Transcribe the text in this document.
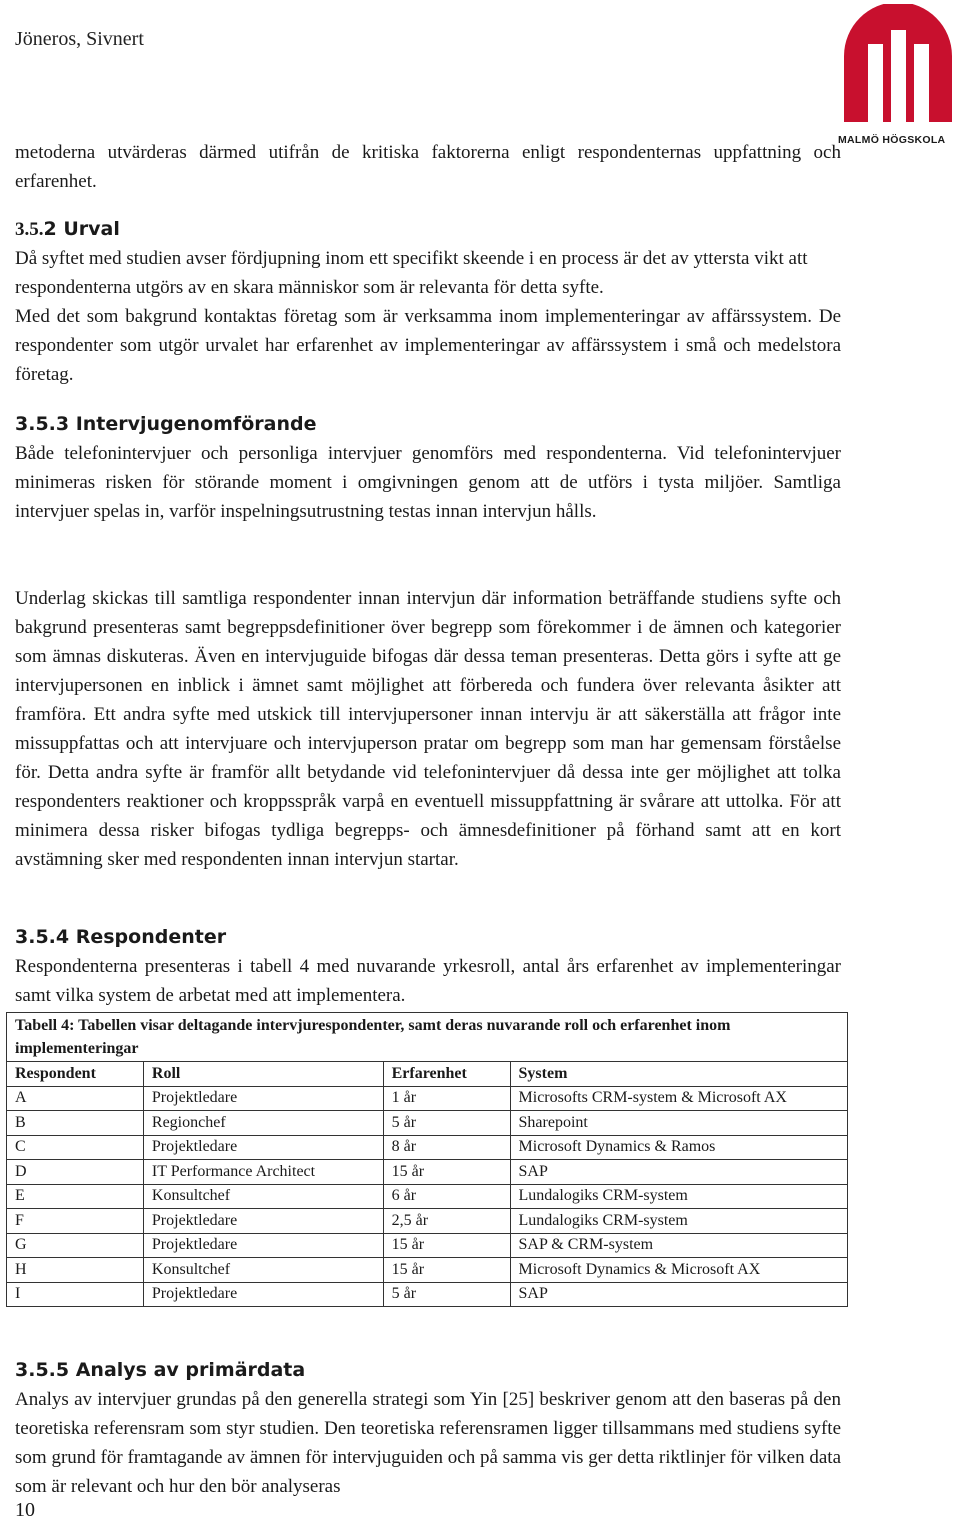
Jöneros, Sivnert
MALMÖ HÖGSKOLA

metoderna utvärderas därmed utifrån de kritiska faktorerna enligt respondenternas uppfattning och erfarenhet.

3.5.2 Urval
Då syftet med studien avser fördjupning inom ett specifikt skeende i en process är det av yttersta vikt att respondenterna utgörs av en skara människor som är relevanta för detta syfte.

Med det som bakgrund kontaktas företag som är verksamma inom implementeringar av affärssystem. De respondenter som utgör urvalet har erfarenhet av implementeringar av affärssystem i små och medelstora företag.

3.5.3 Intervjugenomförande

Både telefonintervjuer och personliga intervjuer genomförs med respondenterna. Vid telefonintervjuer minimeras risken för störande moment i omgivningen genom att de utförs i tysta miljöer. Samtliga intervjuer spelas in, varför inspelningsutrustning testas innan intervjun hålls.

Underlag skickas till samtliga respondenter innan intervjun där information beträffande studiens syfte och bakgrund presenteras samt begreppsdefinitioner över begrepp som förekommer i de ämnen och kategorier som ämnas diskuteras. Även en intervjuguide bifogas där dessa teman presenteras. Detta görs i syfte att ge intervjupersonen en inblick i ämnet samt möjlighet att förbereda och fundera över relevanta åsikter att framföra. Ett andra syfte med utskick till intervjupersoner innan intervju är att säkerställa att frågor inte missuppfattas och att intervjuare och intervjuperson pratar om begrepp som man har gemensam förståelse för. Detta andra syfte är framför allt betydande vid telefonintervjuer då dessa inte ger möjlighet att tolka respondenters reaktioner och kroppsspråk varpå en eventuell missuppfattning är svårare att uttolka. För att minimera dessa risker bifogas tydliga begrepps- och ämnesdefinitioner på förhand samt att en kort avstämning sker med respondenten innan intervjun startar.

3.5.4 Respondenter

Respondenterna presenteras i tabell 4 med nuvarande yrkesroll, antal års erfarenhet av implementeringar samt vilka system de arbetat med att implementera.

Tabell 4: Tabellen visar deltagande intervjurespondenter, samt deras nuvarande roll och erfarenhet inom implementeringar			
Respondent	Roll	Erfarenhet	System
A	Projektledare	1 år	Microsofts CRM-system & Microsoft AX
B	Regionchef	5 år	Sharepoint
C	Projektledare	8 år	Microsoft Dynamics & Ramos
D	IT Performance Architect	15 år	SAP
E	Konsultchef	6 år	Lundalogiks CRM-system
F	Projektledare	2,5 år	Lundalogiks CRM-system
G	Projektledare	15 år	SAP & CRM-system
H	Konsultchef	15 år	Microsoft Dynamics & Microsoft AX
I	Projektledare	5 år	SAP
3.5.5 Analys av primärdata

Analys av intervjuer grundas på den generella strategi som Yin [25] beskriver genom att den baseras på den teoretiska referensram som styr studien. Den teoretiska referensramen ligger tillsammans med studiens syfte som grund för framtagande av ämnen för intervjuguiden och på samma vis ger detta riktlinjer för vilken data som är relevant och hur den bör analyseras

10
